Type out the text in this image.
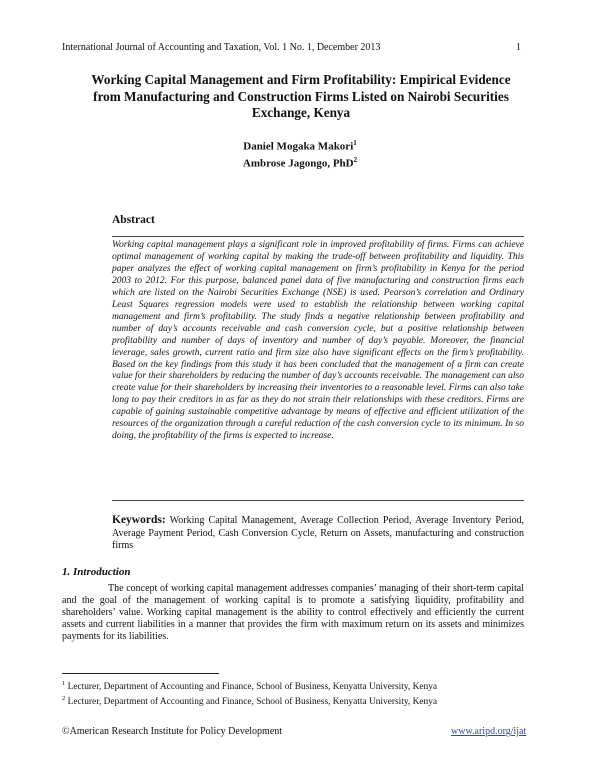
International Journal of Accounting and Taxation, Vol. 1 No. 1, December 2013	1
Working Capital Management and Firm Profitability: Empirical Evidence from Manufacturing and Construction Firms Listed on Nairobi Securities Exchange, Kenya
Daniel Mogaka Makori$^1$
Ambrose Jagongo, PhD$^2$
Abstract
Working capital management plays a significant role in improved profitability of firms. Firms can achieve optimal management of working capital by making the trade-off between profitability and liquidity. This paper analyzes the effect of working capital management on firm’s profitability in Kenya for the period 2003 to 2012. For this purpose, balanced panel data of five manufacturing and construction firms each which are listed on the Nairobi Securities Exchange (NSE) is used. Pearson’s correlation and Ordinary Least Squares regression models were used to establish the relationship between working capital management and firm’s profitability. The study finds a negative relationship between profitability and number of day’s accounts receivable and cash conversion cycle, but a positive relationship between profitability and number of days of inventory and number of day’s payable. Moreover, the financial leverage, sales growth, current ratio and firm size also have significant effects on the firm’s profitability. Based on the key findings from this study it has been concluded that the management of a firm can create value for their shareholders by reducing the number of day’s accounts receivable. The management can also create value for their shareholders by increasing their inventories to a reasonable level. Firms can also take long to pay their creditors in as far as they do not strain their relationships with these creditors. Firms are capable of gaining sustainable competitive advantage by means of effective and efficient utilization of the resources of the organization through a careful reduction of the cash conversion cycle to its minimum. In so doing, the profitability of the firms is expected to increase.
Keywords: Working Capital Management, Average Collection Period, Average Inventory Period, Average Payment Period, Cash Conversion Cycle, Return on Assets, manufacturing and construction firms
1. Introduction
The concept of working capital management addresses companies’ managing of their short-term capital and the goal of the management of working capital is to promote a satisfying liquidity, profitability and shareholders’ value. Working capital management is the ability to control effectively and efficiently the current assets and current liabilities in a manner that provides the firm with maximum return on its assets and minimizes payments for its liabilities.
$^1$ Lecturer, Department of Accounting and Finance, School of Business, Kenyatta University, Kenya
$^2$ Lecturer, Department of Accounting and Finance, School of Business, Kenyatta University, Kenya
©American Research Institute for Policy Development	www.aripd.org/ijat
